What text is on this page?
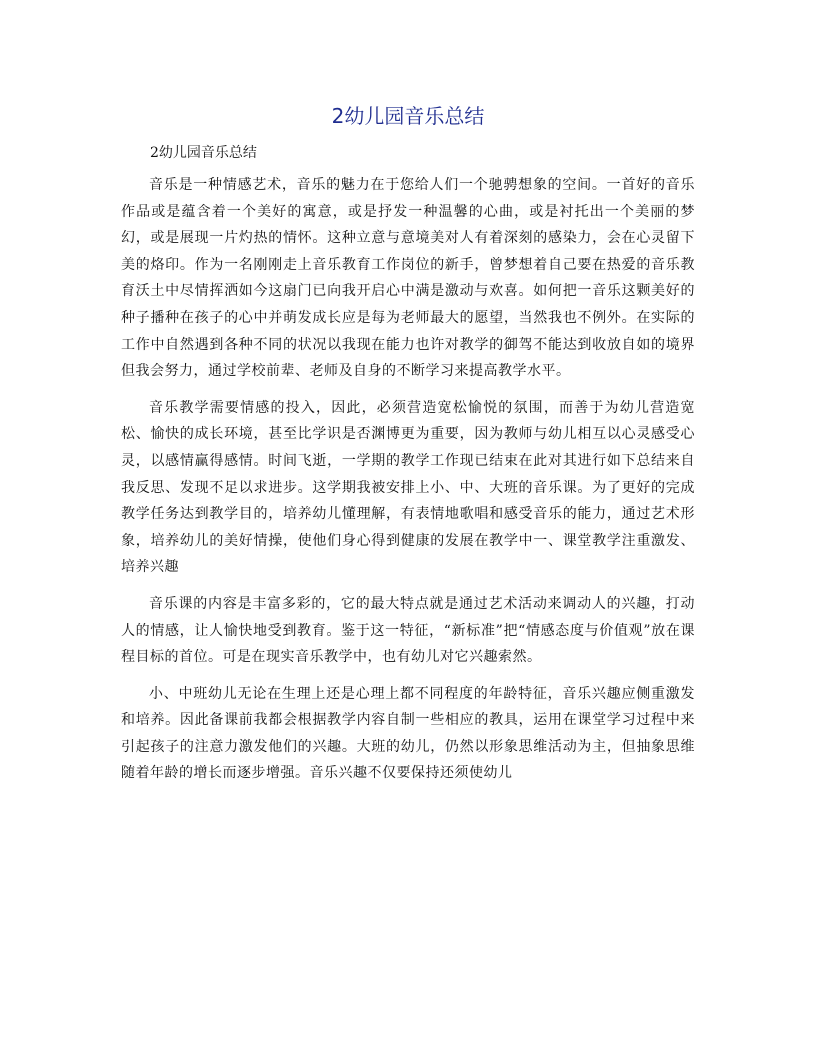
2幼儿园音乐总结
2幼儿园音乐总结

音乐是一种情感艺术，音乐的魅力在于您给人们一个驰骋想象的空间。一首好的音乐作品或是蕴含着一个美好的寓意，或是抒发一种温馨的心曲，或是衬托出一个美丽的梦幻，或是展现一片灼热的情怀。这种立意与意境美对人有着深刻的感染力，会在心灵留下美的烙印。作为一名刚刚走上音乐教育工作岗位的新手，曾梦想着自己要在热爱的音乐教育沃土中尽情挥洒如今这扇门已向我开启心中满是激动与欢喜。如何把一音乐这颗美好的种子播种在孩子的心中并萌发成长应是每为老师最大的愿望，当然我也不例外。在实际的工作中自然遇到各种不同的状况以我现在能力也许对教学的御驾不能达到收放自如的境界但我会努力，通过学校前辈、老师及自身的不断学习来提高教学水平。

音乐教学需要情感的投入，因此，必须营造宽松愉悦的氛围，而善于为幼儿营造宽松、愉快的成长环境，甚至比学识是否渊博更为重要，因为教师与幼儿相互以心灵感受心灵，以感情赢得感情。时间飞逝，一学期的教学工作现已结束在此对其进行如下总结来自我反思、发现不足以求进步。这学期我被安排上小、中、大班的音乐课。为了更好的完成教学任务达到教学目的，培养幼儿懂理解，有表情地歌唱和感受音乐的能力，通过艺术形象，培养幼儿的美好情操，使他们身心得到健康的发展在教学中一、课堂教学注重激发、培养兴趣

音乐课的内容是丰富多彩的，它的最大特点就是通过艺术活动来调动人的兴趣，打动人的情感，让人愉快地受到教育。鉴于这一特征，“新标准”把“情感态度与价值观”放在课程目标的首位。可是在现实音乐教学中，也有幼儿对它兴趣索然。

小、中班幼儿无论在生理上还是心理上都不同程度的年龄特征，音乐兴趣应侧重激发和培养。因此备课前我都会根据教学内容自制一些相应的教具，运用在课堂学习过程中来引起孩子的注意力激发他们的兴趣。大班的幼儿，仍然以形象思维活动为主，但抽象思维随着年龄的增长而逐步增强。音乐兴趣不仅要保持还须使幼儿
